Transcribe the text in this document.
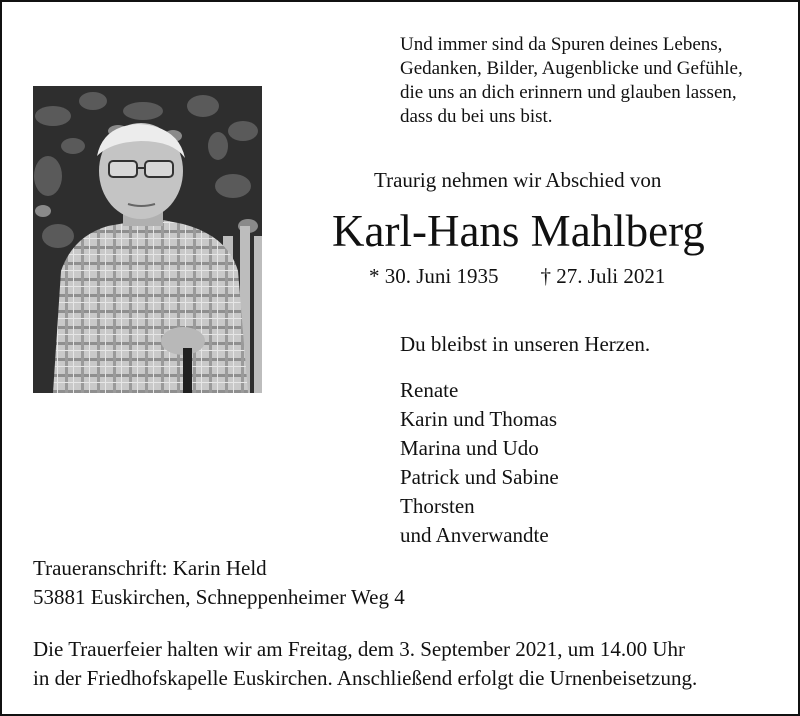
Und immer sind da Spuren deines Lebens,
Gedanken, Bilder, Augenblicke und Gefühle,
die uns an dich erinnern und glauben lassen,
dass du bei uns bist.
Traurig nehmen wir Abschied von
Karl-Hans Mahlberg
* 30. Juni 1935 † 27. Juli 2021
Du bleibst in unseren Herzen.
Renate
Karin und Thomas
Marina und Udo
Patrick und Sabine
Thorsten
und Anverwandte
Traueranschrift: Karin Held
53881 Euskirchen, Schneppenheimer Weg 4
Die Trauerfeier halten wir am Freitag, dem 3. September 2021, um 14.00 Uhr
in der Friedhofskapelle Euskirchen. Anschließend erfolgt die Urnenbeisetzung.
